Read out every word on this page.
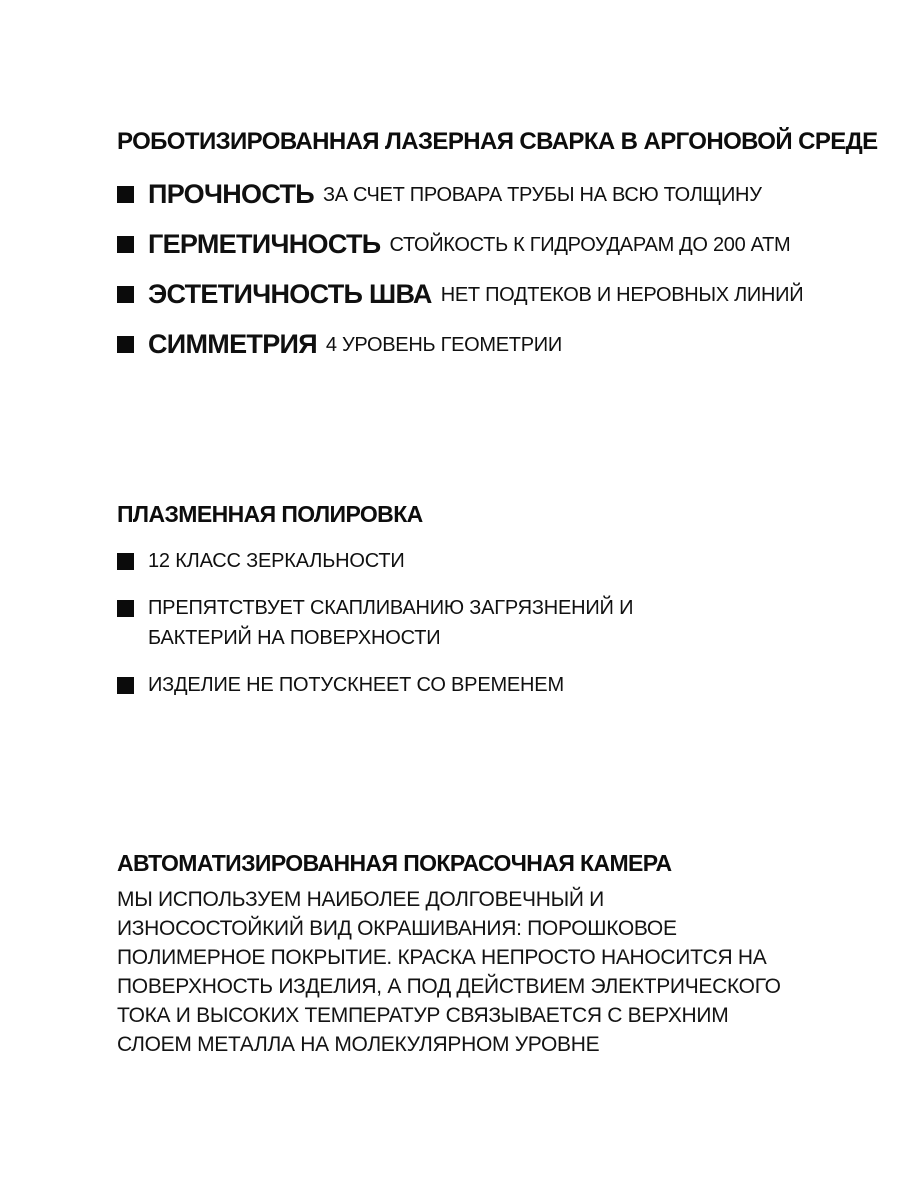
РОБОТИЗИРОВАННАЯ ЛАЗЕРНАЯ СВАРКА В АРГОНОВОЙ СРЕДЕ
ПРОЧНОСТЬ ЗА СЧЕТ ПРОВАРА ТРУБЫ НА ВСЮ ТОЛЩИНУ
ГЕРМЕТИЧНОСТЬ СТОЙКОСТЬ К ГИДРОУДАРАМ ДО 200 АТМ
ЭСТЕТИЧНОСТЬ ШВА НЕТ ПОДТЕКОВ И НЕРОВНЫХ ЛИНИЙ
СИММЕТРИЯ 4 УРОВЕНЬ ГЕОМЕТРИИ
ПЛАЗМЕННАЯ ПОЛИРОВКА
12 КЛАСС ЗЕРКАЛЬНОСТИ
ПРЕПЯТСТВУЕТ СКАПЛИВАНИЮ ЗАГРЯЗНЕНИЙ И
БАКТЕРИЙ НА ПОВЕРХНОСТИ
ИЗДЕЛИЕ НЕ ПОТУСКНЕЕТ СО ВРЕМЕНЕМ
АВТОМАТИЗИРОВАННАЯ ПОКРАСОЧНАЯ КАМЕРА
МЫ ИСПОЛЬЗУЕМ НАИБОЛЕЕ ДОЛГОВЕЧНЫЙ И
ИЗНОСОСТОЙКИЙ ВИД ОКРАШИВАНИЯ: ПОРОШКОВОЕ
ПОЛИМЕРНОЕ ПОКРЫТИЕ. КРАСКА НЕПРОСТО НАНОСИТСЯ НА
ПОВЕРХНОСТЬ ИЗДЕЛИЯ, А ПОД ДЕЙСТВИЕМ ЭЛЕКТРИЧЕСКОГО
ТОКА И ВЫСОКИХ ТЕМПЕРАТУР СВЯЗЫВАЕТСЯ С ВЕРХНИМ
СЛОЕМ МЕТАЛЛА НА МОЛЕКУЛЯРНОМ УРОВНЕ
